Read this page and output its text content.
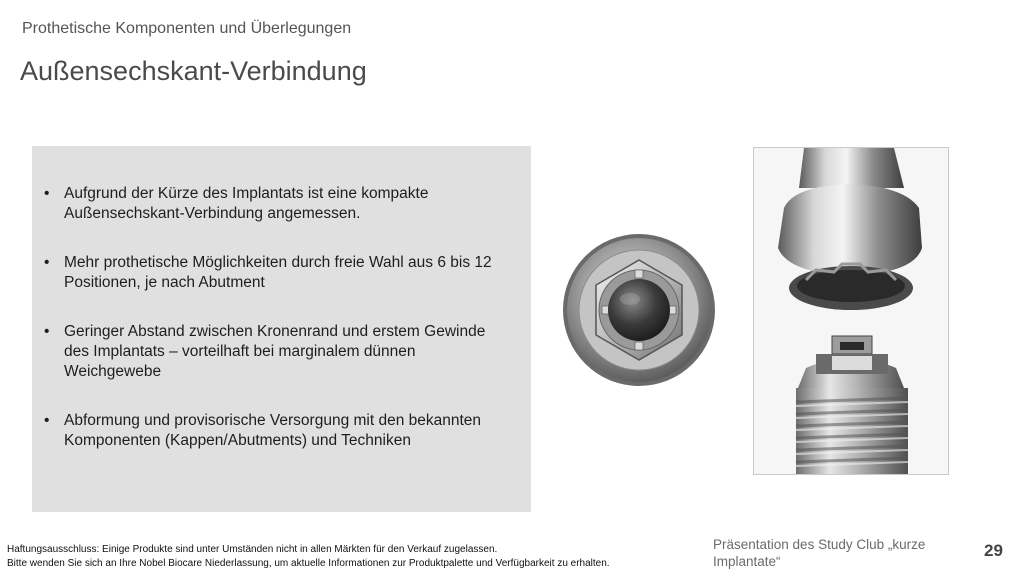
Prothetische Komponenten und Überlegungen
Außensechskant-Verbindung
• Aufgrund der Kürze des Implantats ist eine kompakte Außensechskant-Verbindung angemessen.
• Mehr prothetische Möglichkeiten durch freie Wahl aus 6 bis 12 Positionen, je nach Abutment
• Geringer Abstand zwischen Kronenrand und erstem Gewinde des Implantats – vorteilhaft bei marginalem dünnen Weichgewebe
• Abformung und provisorische Versorgung mit den bekannten Komponenten (Kappen/Abutments) und Techniken
Haftungsausschluss: Einige Produkte sind unter Umständen nicht in allen Märkten für den Verkauf zugelassen.
Bitte wenden Sie sich an Ihre Nobel Biocare Niederlassung, um aktuelle Informationen zur Produktpalette und Verfügbarkeit zu erhalten.
Präsentation des Study Club „kurze Implantate“
29
